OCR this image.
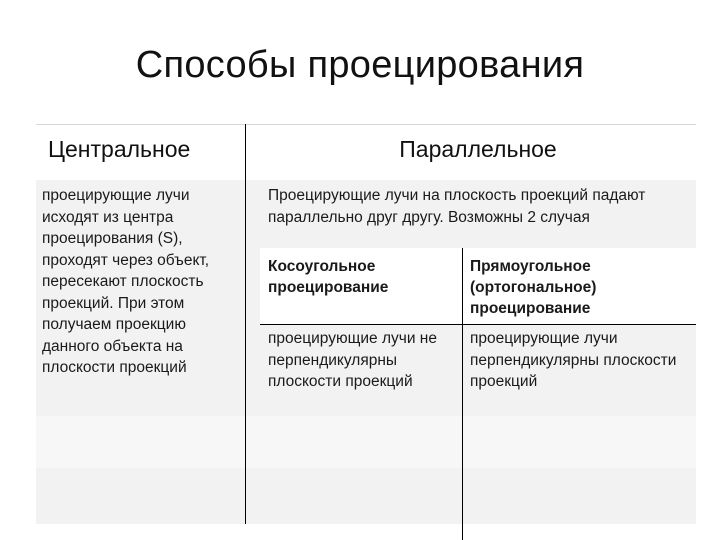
Способы проецирования
Центральное	Параллельное
проецирующие лучи исходят из центра проецирования (S), проходят через объект, пересекают плоскость проекций. При этом получаем проекцию данного объекта на плоскости проекций
Проецирующие лучи на плоскость проекций падают параллельно друг другу. Возможны 2 случая
Косоугольное проецирование
Прямоугольное (ортогональное) проецирование
проецирующие лучи не перпендикулярны плоскости проекций
проецирующие лучи перпендикулярны плоскости проекций
